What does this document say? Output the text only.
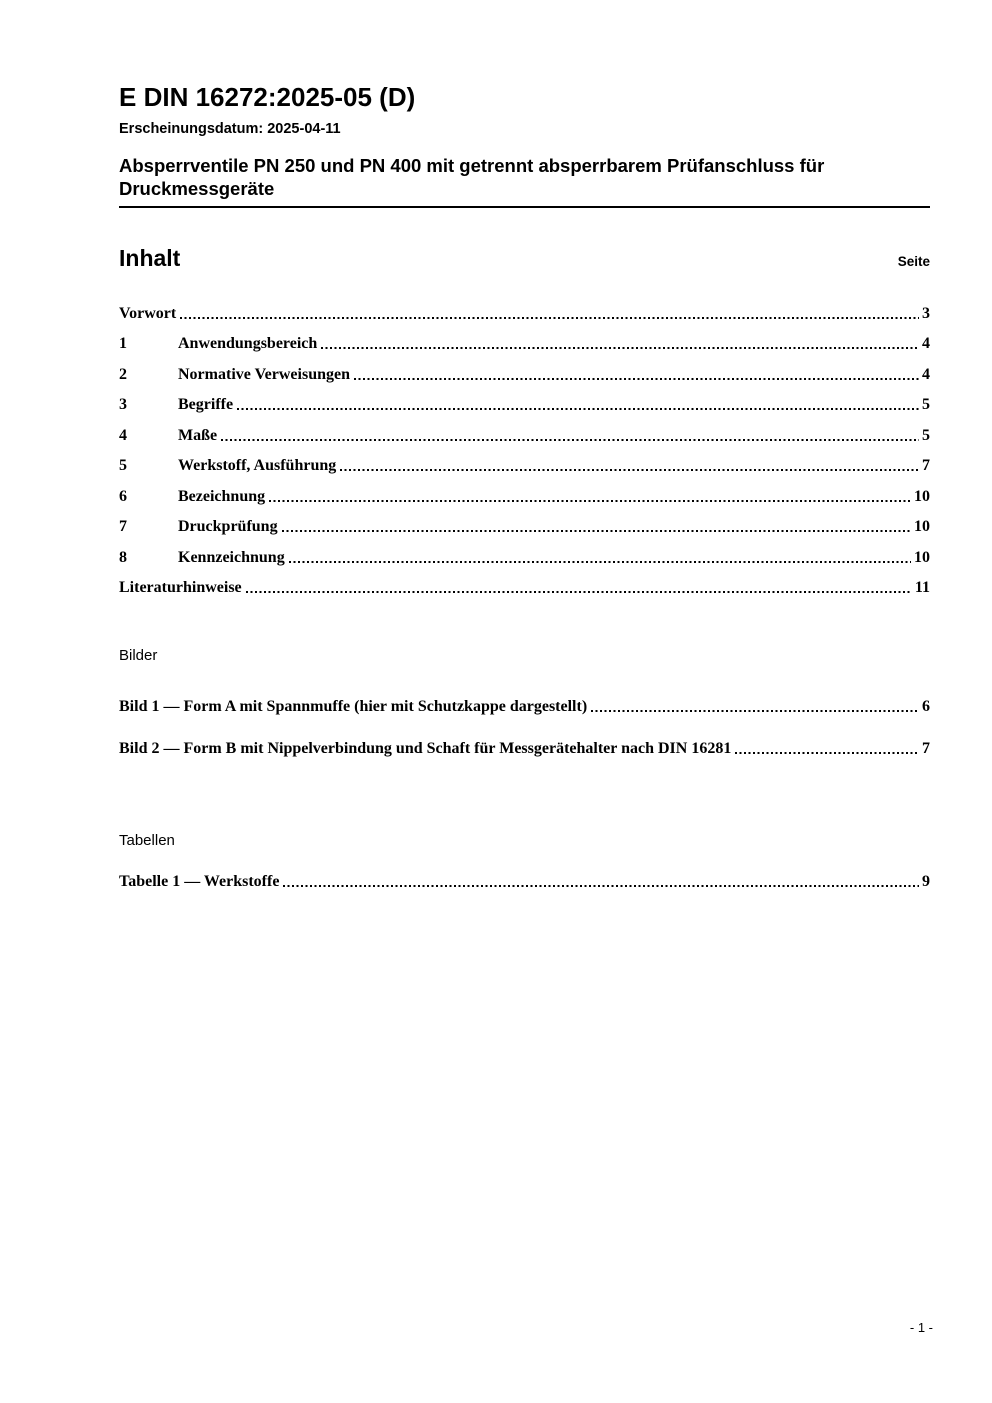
E DIN 16272:2025-05 (D)
Erscheinungsdatum: 2025-04-11
Absperrventile PN 250 und PN 400 mit getrennt absperrbarem Prüfanschluss für Druckmessgeräte
Inhalt	Seite
Vorwort	3
1	Anwendungsbereich	4
2	Normative Verweisungen	4
3	Begriffe	5
4	Maße	5
5	Werkstoff, Ausführung	7
6	Bezeichnung	10
7	Druckprüfung	10
8	Kennzeichnung	10
Literaturhinweise	11
Bilder
Bild 1 — Form A mit Spannmuffe (hier mit Schutzkappe dargestellt)	6
Bild 2 — Form B mit Nippelverbindung und Schaft für Messgerätehalter nach DIN 16281	7
Tabellen
Tabelle 1 — Werkstoffe	9
- 1 -
